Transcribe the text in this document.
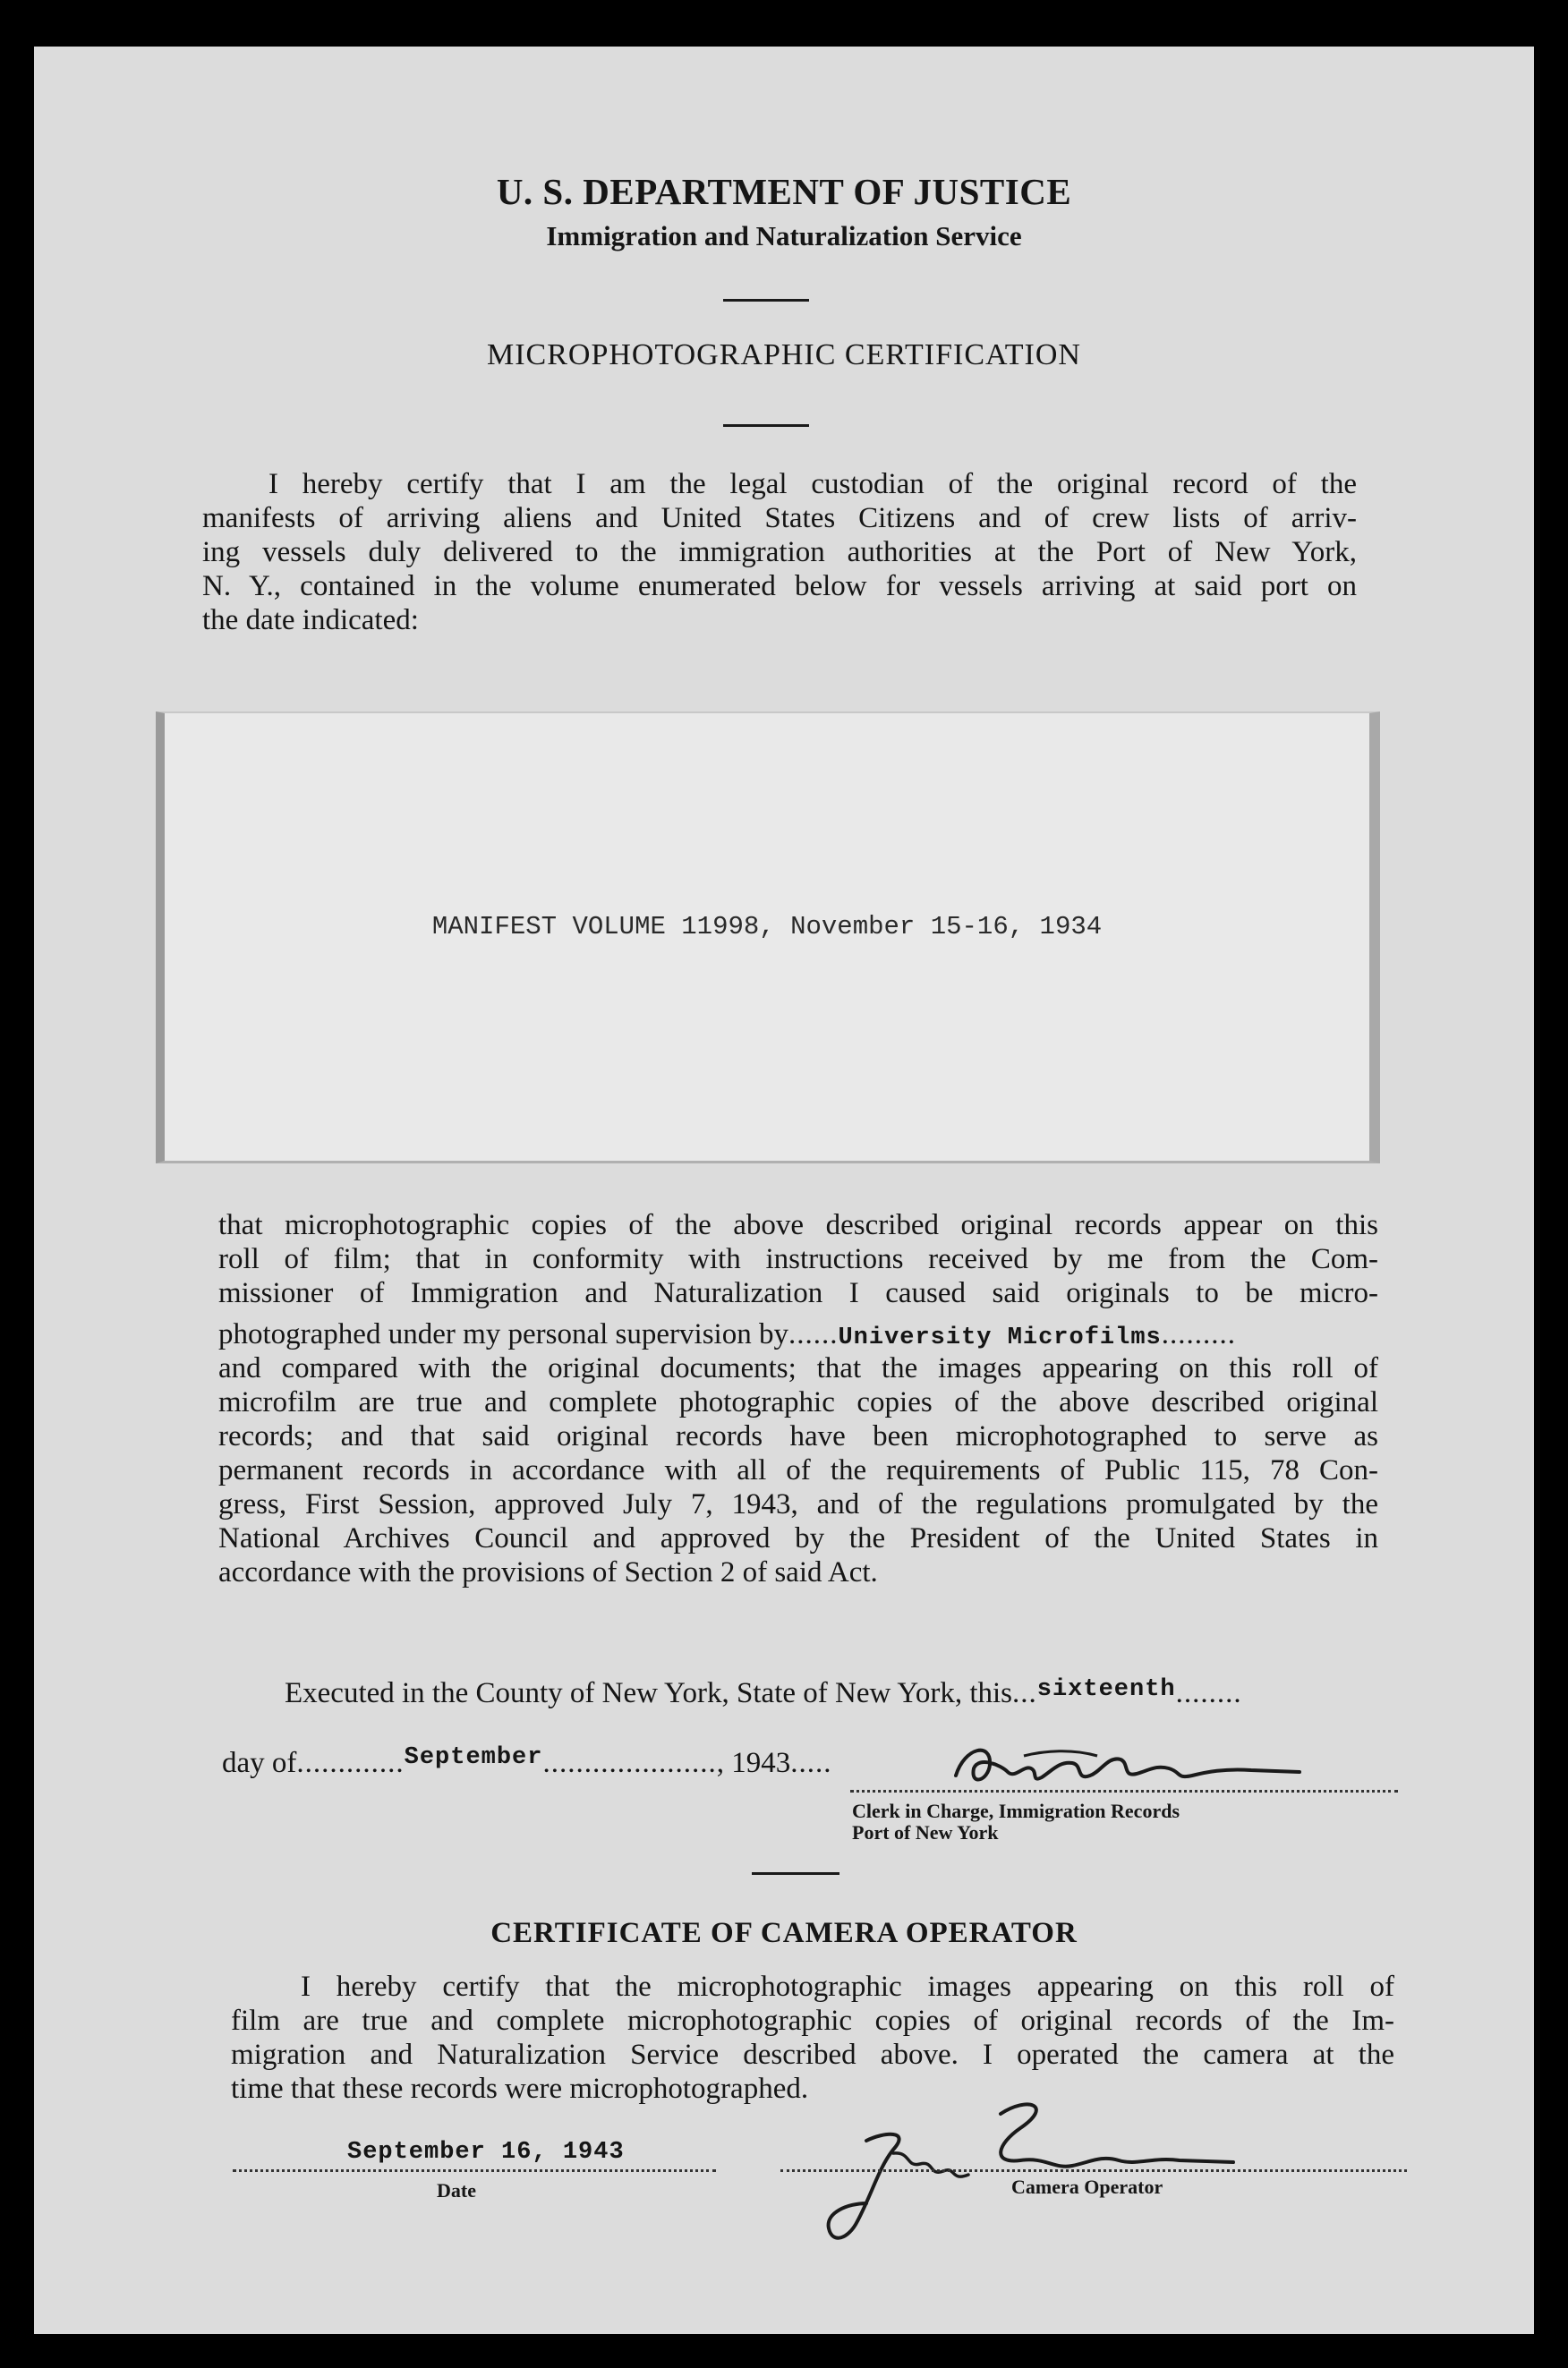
U. S. DEPARTMENT OF JUSTICE
Immigration and Naturalization Service
MICROPHOTOGRAPHIC CERTIFICATION
I hereby certify that I am the legal custodian of the original record of the
manifests of arriving aliens and United States Citizens and of crew lists of arriv-
ing vessels duly delivered to the immigration authorities at the Port of New York,
N. Y., contained in the volume enumerated below for vessels arriving at said port on
the date indicated:
MANIFEST VOLUME 11998, November 15-16, 1934
that microphotographic copies of the above described original records appear on this
roll of film; that in conformity with instructions received by me from the Com-
missioner of Immigration and Naturalization I caused said originals to be micro-
photographed under my personal supervision by......University Microfilms.........
and compared with the original documents; that the images appearing on this roll of
microfilm are true and complete photographic copies of the above described original
records; and that said original records have been microphotographed to serve as
permanent records in accordance with all of the requirements of Public 115, 78 Con-
gress, First Session, approved July 7, 1943, and of the regulations promulgated by the
National Archives Council and approved by the President of the United States in
accordance with the provisions of Section 2 of said Act.
Executed in the County of New York, State of New York, this...$^{sixteenth}$........
day of.............$^{September}$....................., 1943.....
Clerk in Charge, Immigration Records
Port of New York
CERTIFICATE OF CAMERA OPERATOR
I hereby certify that the microphotographic images appearing on this roll of
film are true and complete microphotographic copies of original records of the Im-
migration and Naturalization Service described above. I operated the camera at the
time that these records were microphotographed.
September 16, 1943
Date	Camera Operator
